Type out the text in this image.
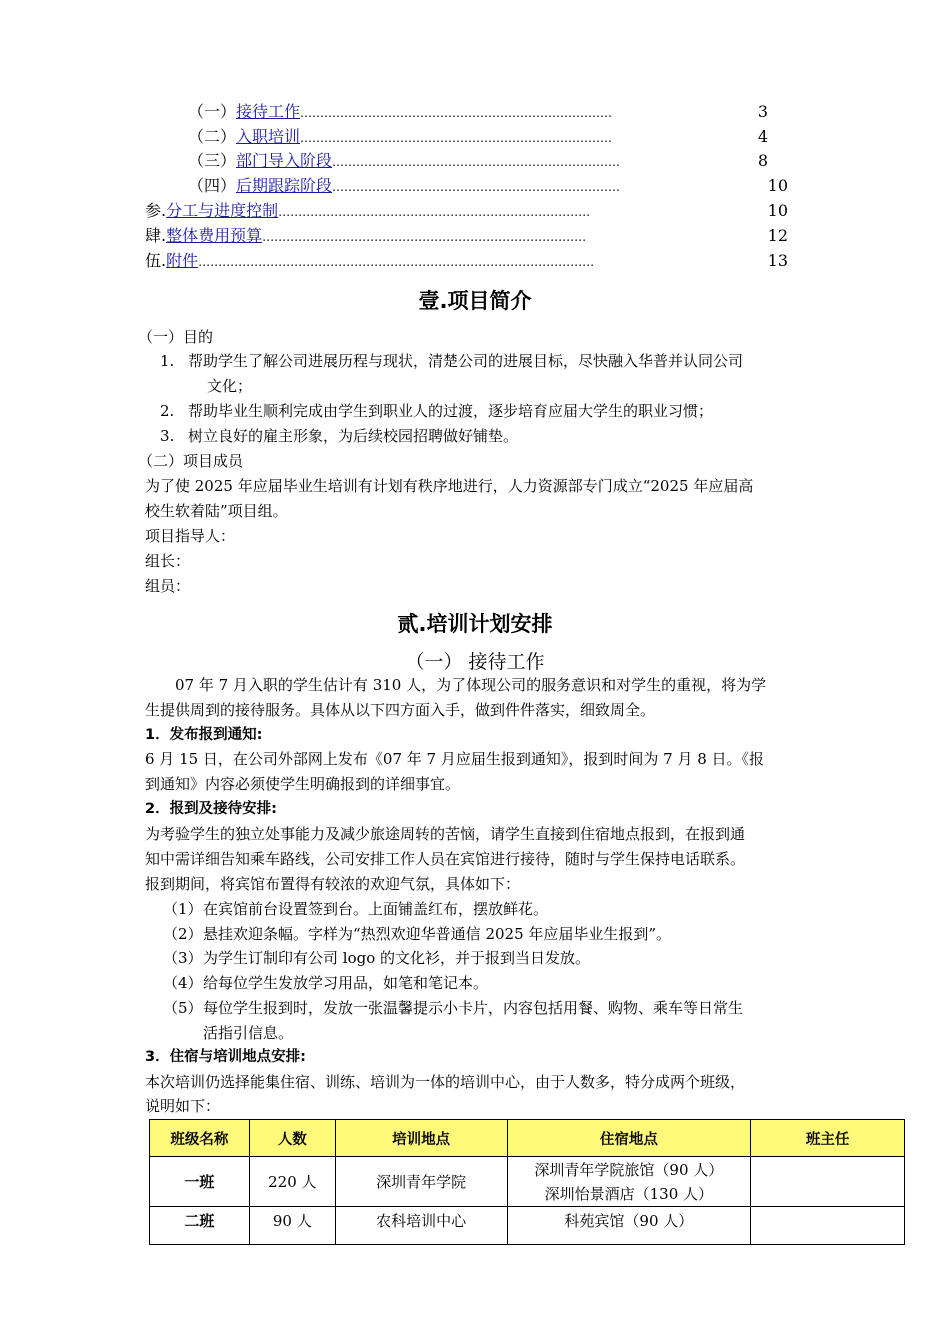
（一） 接待工作 ……………………………………………………………………	3
（二） 入职培训 ……………………………………………………………………	4
（三） 部门导入阶段 ………………………………………………………………	8
（四） 后期跟踪阶段 ………………………………………………………………	10
参. 分工与进度控制 ……………………………………………………………………	10
肆. 整体费用预算 ………………………………………………………………………	12
伍. 附件 ………………………………………………………………………………………	13
壹.项目简介
（一）目的
1. 帮助学生了解公司进展历程与现状，清楚公司的进展目标，尽快融入华普并认同公司
文化；
2. 帮助毕业生顺利完成由学生到职业人的过渡，逐步培育应届大学生的职业习惯；
3. 树立良好的雇主形象，为后续校园招聘做好铺垫。
（二）项目成员
为了使 2025 年应届毕业生培训有计划有秩序地进行，人力资源部专门成立“2025 年应届高
校生软着陆”项目组。
项目指导人：
组长：
组员：
贰.培训计划安排
（一） 接待工作
07 年 7 月入职的学生估计有 310 人，为了体现公司的服务意识和对学生的重视，将为学
生提供周到的接待服务。具体从以下四方面入手，做到件件落实，细致周全。
1．发布报到通知:
6 月 15 日，在公司外部网上发布《07 年 7 月应届生报到通知》，报到时间为 7 月 8 日。《报
到通知》内容必须使学生明确报到的详细事宜。
2．报到及接待安排:
为考验学生的独立处事能力及减少旅途周转的苦恼，请学生直接到住宿地点报到，在报到通
知中需详细告知乘车路线，公司安排工作人员在宾馆进行接待，随时与学生保持电话联系。
报到期间，将宾馆布置得有较浓的欢迎气氛，具体如下：
（1） 在宾馆前台设置签到台。上面铺盖红布，摆放鲜花。
（2） 悬挂欢迎条幅。字样为“热烈欢迎华普通信 2025 年应届毕业生报到”。
（3） 为学生订制印有公司 logo 的文化衫，并于报到当日发放。
（4） 给每位学生发放学习用品，如笔和笔记本。
（5） 每位学生报到时，发放一张温馨提示小卡片，内容包括用餐、购物、乘车等日常生
活指引信息。
3．住宿与培训地点安排:
本次培训仍选择能集住宿、训练、培训为一体的培训中心，由于人数多，特分成两个班级，
说明如下：
班级名称	人数	培训地点	住宿地点	班主任
一班	220 人	深圳青年学院	深圳青年学院旅馆（90 人）
深圳怡景酒店（130 人）	

二班	90 人	农科培训中心	科苑宾馆（90 人）	
